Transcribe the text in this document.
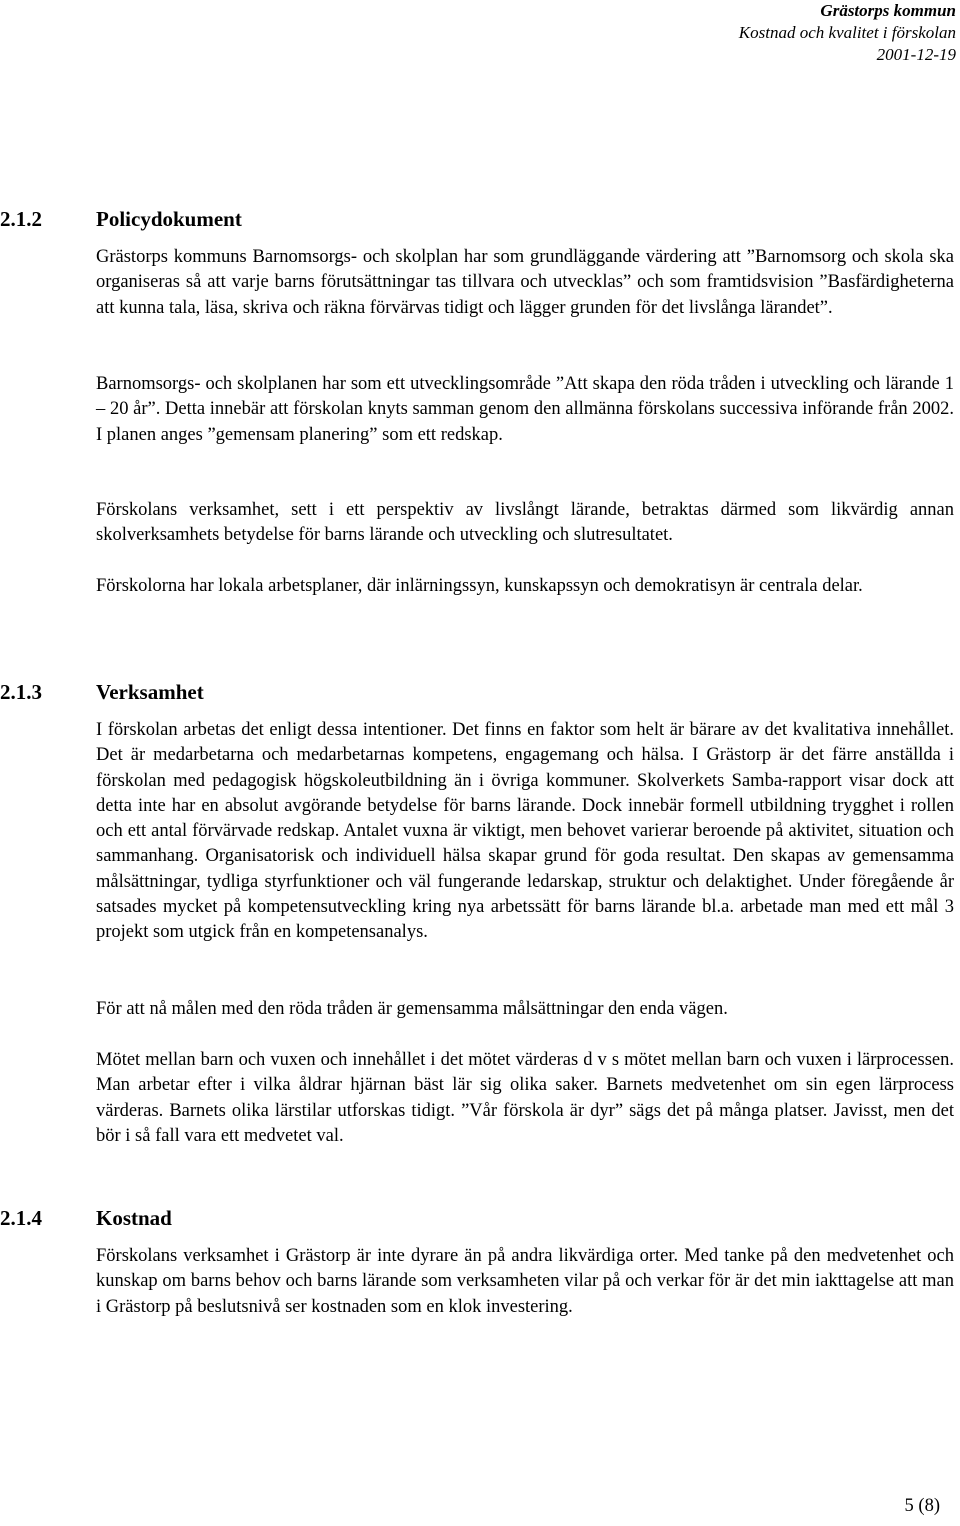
Grästorps kommun
Kostnad och kvalitet i förskolan
2001-12-19
2.1.2	Policydokument
Grästorps kommuns Barnomsorgs- och skolplan har som grundläggande värdering att ”Barnomsorg och skola ska organiseras så att varje barns förutsättningar tas tillvara och utvecklas” och som framtidsvision ”Basfärdigheterna att kunna tala, läsa, skriva och räkna förvärvas tidigt och lägger grunden för det livslånga lärandet”.
Barnomsorgs- och skolplanen har som ett utvecklingsområde ”Att skapa den röda tråden i utveckling och lärande 1 – 20 år”. Detta innebär att förskolan knyts samman genom den allmänna förskolans successiva införande från 2002. I planen anges ”gemensam planering” som ett redskap.
Förskolans verksamhet, sett i ett perspektiv av livslångt lärande, betraktas därmed som likvärdig annan skolverksamhets betydelse för barns lärande och utveckling och slutresultatet.
Förskolorna har lokala arbetsplaner, där inlärningssyn, kunskapssyn och demokratisyn är centrala delar.
2.1.3	Verksamhet
I förskolan arbetas det enligt dessa intentioner. Det finns en faktor som helt är bärare av det kvalitativa innehållet. Det är medarbetarna och medarbetarnas kompetens, engagemang och hälsa. I Grästorp är det färre anställda i förskolan med pedagogisk högskoleutbildning än i övriga kommuner. Skolverkets Samba-rapport visar dock att detta inte har en absolut avgörande betydelse för barns lärande. Dock innebär formell utbildning trygghet i rollen och ett antal förvärvade redskap. Antalet vuxna är viktigt, men behovet varierar beroende på aktivitet, situation och sammanhang. Organisatorisk och individuell hälsa skapar grund för goda resultat. Den skapas av gemensamma målsättningar, tydliga styrfunktioner och väl fungerande ledarskap, struktur och delaktighet. Under föregående år satsades mycket på kompetensutveckling kring nya arbetssätt för barns lärande bl.a. arbetade man med ett mål 3 projekt som utgick från en kompetensanalys.
För att nå målen med den röda tråden är gemensamma målsättningar den enda vägen.
Mötet mellan barn och vuxen och innehållet i det mötet värderas d v s mötet mellan barn och vuxen i lärprocessen. Man arbetar efter i vilka åldrar hjärnan bäst lär sig olika saker. Barnets medvetenhet om sin egen lärprocess värderas. Barnets olika lärstilar utforskas tidigt. ”Vår förskola är dyr” sägs det på många platser. Javisst, men det bör i så fall vara ett medvetet val.
2.1.4	Kostnad
Förskolans verksamhet i Grästorp är inte dyrare än på andra likvärdiga orter. Med tanke på den medvetenhet och kunskap om barns behov och barns lärande som verksamheten vilar på och verkar för är det min iakttagelse att man i Grästorp på beslutsnivå ser kostnaden som en klok investering.
5 (8)
